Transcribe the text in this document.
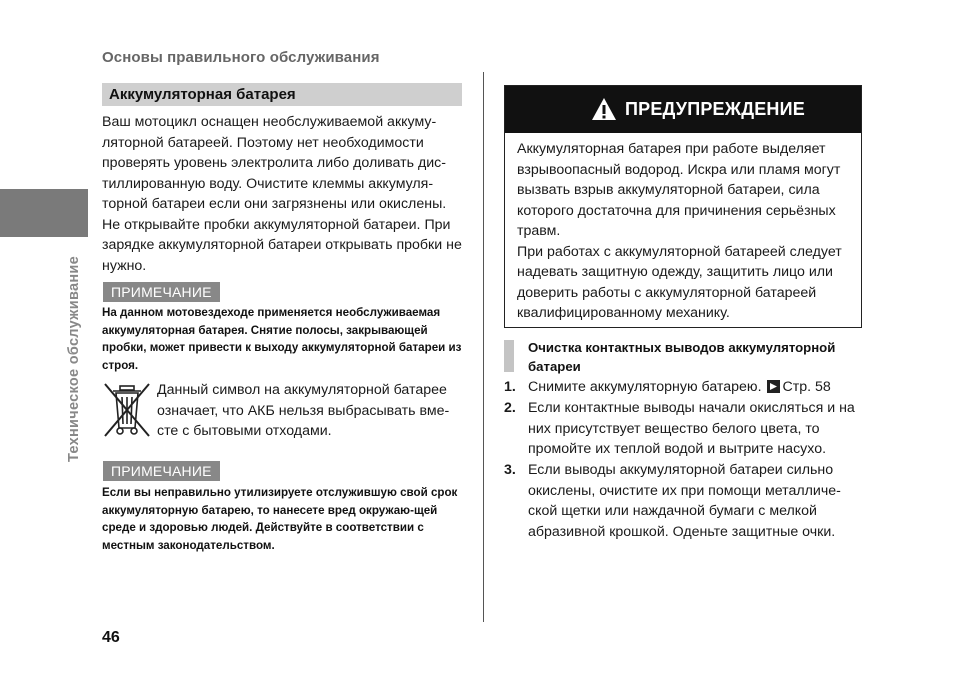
Основы правильного обслуживания
Техническое обслуживание
Аккумуляторная батарея
Ваш мотоцикл оснащен необслуживаемой аккуму-ляторной батареей. Поэтому нет необходимости проверять уровень электролита либо доливать дис-тиллированную воду. Очистите клеммы аккумуля-торной батареи если они загрязнены или окислены. Не открывайте пробки аккумуляторной батареи. При зарядке аккумуляторной батареи открывать пробки не нужно.
ПРИМЕЧАНИЕ
На данном мотовездеходе применяется необслуживаемая аккумуляторная батарея. Снятие полосы, закрывающей пробки, может привести к выходу аккумуляторной батареи из строя.
Данный символ на аккумуляторной батарее означает, что АКБ нельзя выбрасывать вме-сте с бытовыми отходами.
ПРИМЕЧАНИЕ
Если вы неправильно утилизируете отслужившую свой срок аккумуляторную батарею, то нанесете вред окружаю-щей среде и здоровью людей. Действуйте в соответствии с местным законодательством.
ПРЕДУПРЕЖДЕНИЕ
Аккумуляторная батарея при работе выделяет взрывоопасный водород. Искра или пламя могут вызвать взрыв аккумуляторной батареи, сила которого достаточна для причинения серьёзных травм.
При работах с аккумуляторной батареей следует надевать защитную одежду, защитить лицо или доверить работы с аккумуляторной батареей квалифицированному механику.
Очистка контактных выводов аккумуляторной батареи
1. Снимите аккумуляторную батарею. Стр. 58
2. Если контактные выводы начали окисляться и на них присутствует вещество белого цвета, то промойте их теплой водой и вытрите насухо.
3. Если выводы аккумуляторной батареи сильно окислены, очистите их при помощи металличе-ской щетки или наждачной бумаги с мелкой абразивной крошкой. Оденьте защитные очки.
46
